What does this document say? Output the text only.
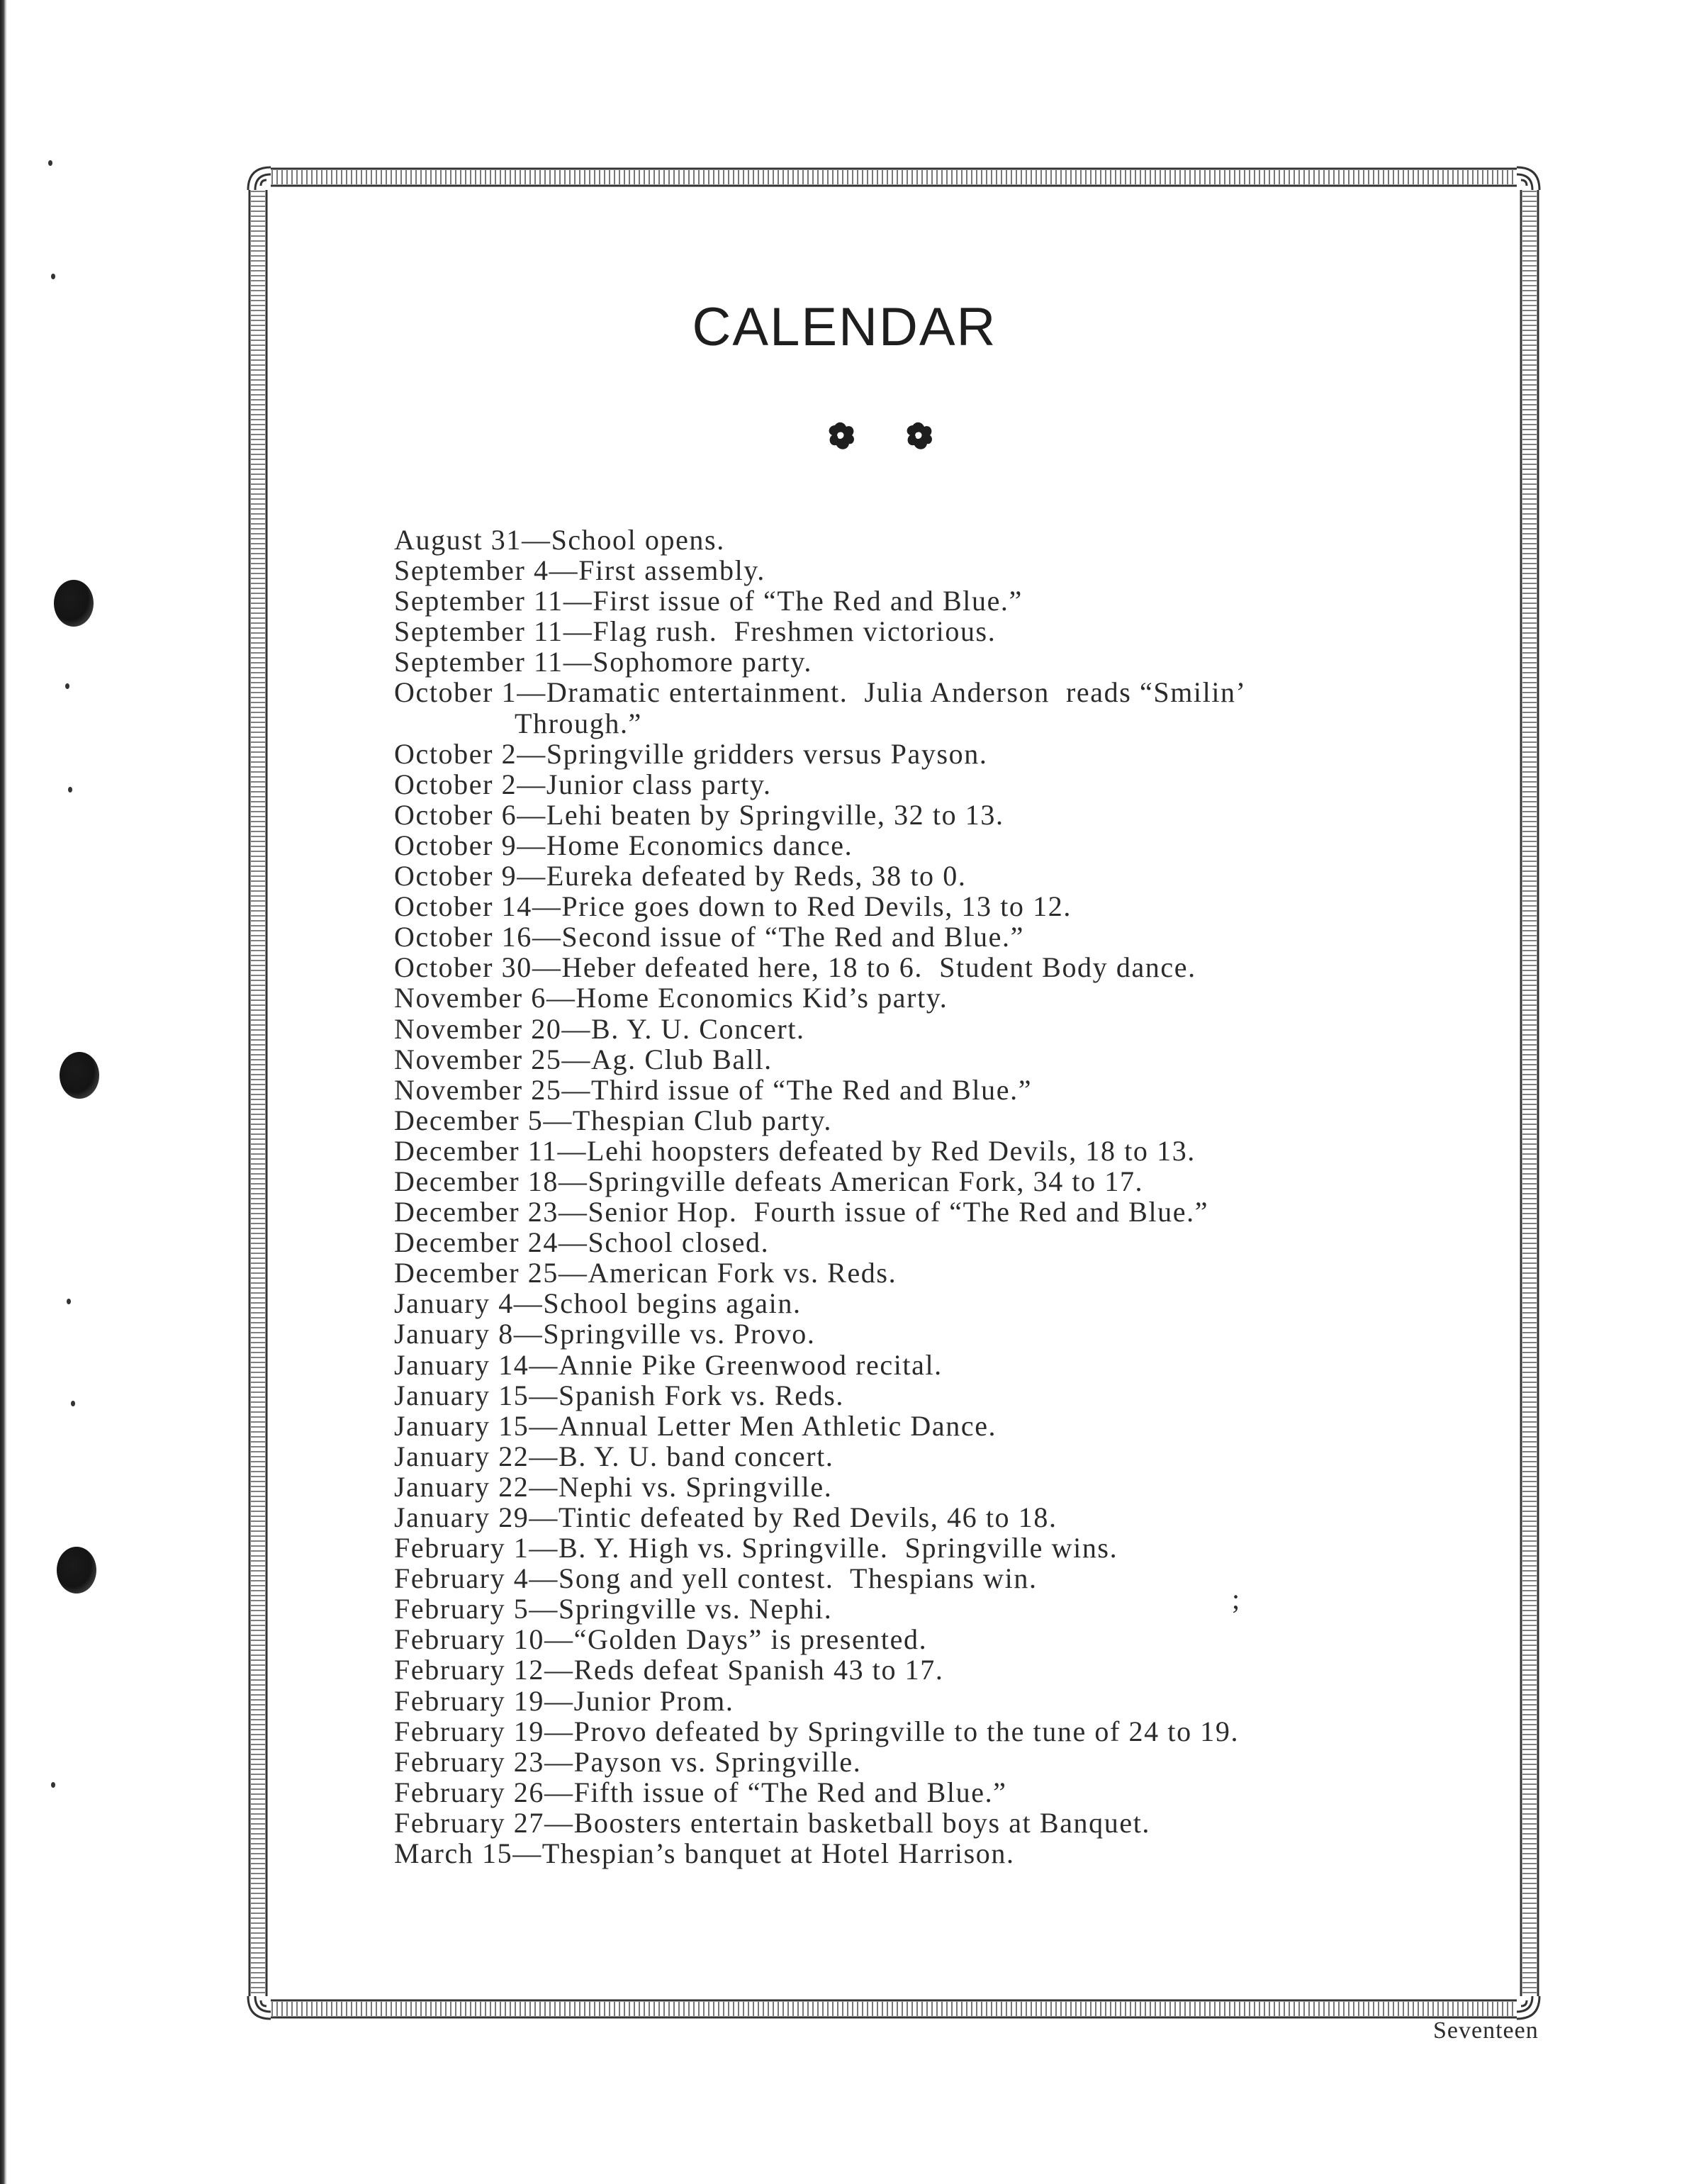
CALENDAR

August 31—School opens.

September 4—First assembly.

September 11—First issue of “The Red and Blue.”

September 11—Flag rush.  Freshmen victorious.

September 11—Sophomore party.

October 1—Dramatic entertainment.  Julia Anderson  reads “Smilin’
Through.”

October 2—Springville gridders versus Payson.

October 2—Junior class party.

October 6—Lehi beaten by Springville, 32 to 13.

October 9—Home Economics dance.

October 9—Eureka defeated by Reds, 38 to 0.

October 14—Price goes down to Red Devils, 13 to 12.

October 16—Second issue of “The Red and Blue.”

October 30—Heber defeated here, 18 to 6.  Student Body dance.

November 6—Home Economics Kid’s party.

November 20—B. Y. U. Concert.

November 25—Ag. Club Ball.

November 25—Third issue of “The Red and Blue.”

December 5—Thespian Club party.

December 11—Lehi hoopsters defeated by Red Devils, 18 to 13.

December 18—Springville defeats American Fork, 34 to 17.

December 23—Senior Hop.  Fourth issue of “The Red and Blue.”

December 24—School closed.

December 25—American Fork vs. Reds.

January 4—School begins again.

January 8—Springville vs. Provo.

January 14—Annie Pike Greenwood recital.

January 15—Spanish Fork vs. Reds.

January 15—Annual Letter Men Athletic Dance.

January 22—B. Y. U. band concert.

January 22—Nephi vs. Springville.

January 29—Tintic defeated by Red Devils, 46 to 18.

February 1—B. Y. High vs. Springville.  Springville wins.

February 4—Song and yell contest.  Thespians win.

February 5—Springville vs. Nephi.

February 10—“Golden Days” is presented.

February 12—Reds defeat Spanish 43 to 17.

February 19—Junior Prom.

February 19—Provo defeated by Springville to the tune of 24 to 19.

February 23—Payson vs. Springville.

February 26—Fifth issue of “The Red and Blue.”

February 27—Boosters entertain basketball boys at Banquet.

March 15—Thespian’s banquet at Hotel Harrison.

;
Seventeen
